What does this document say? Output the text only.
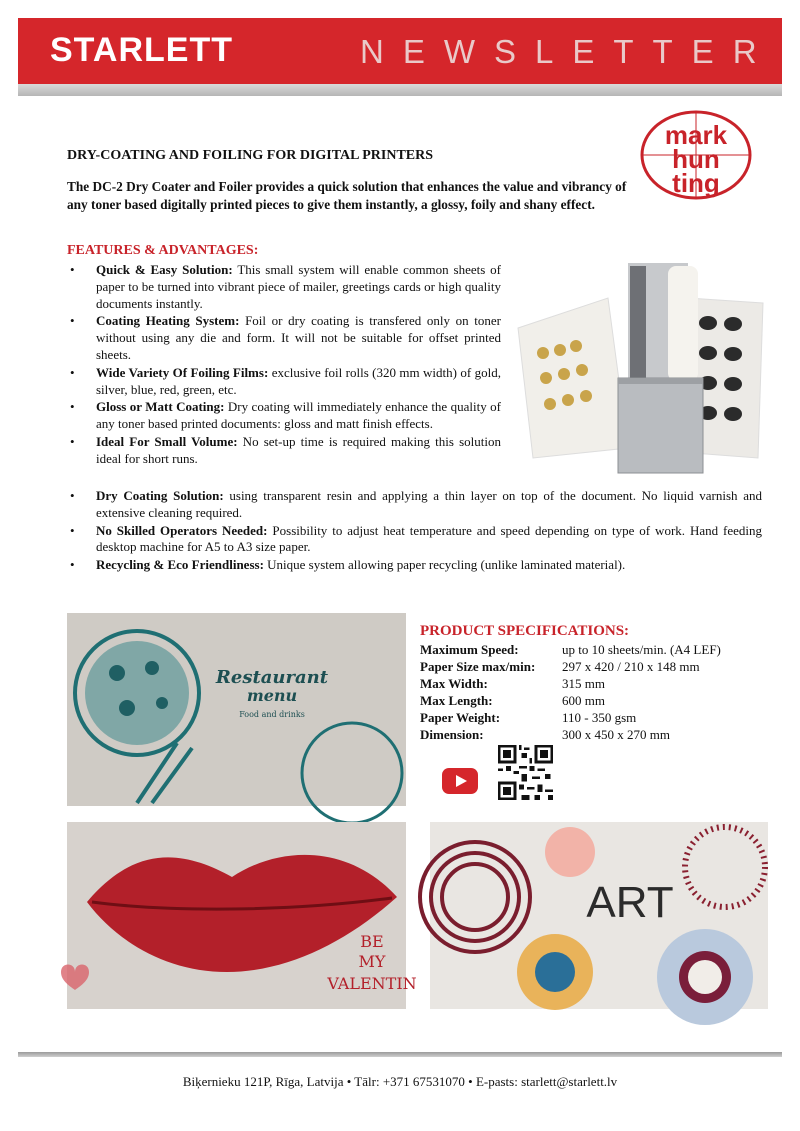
STARLETT	NEWSLETTER
mark
hun
ting
DRY-COATING AND FOILING FOR DIGITAL PRINTERS
The DC-2 Dry Coater and Foiler provides a quick solution that enhances the value and vibrancy of any toner based digitally printed pieces to give them instantly, a glossy, foily and shany effect.
FEATURES & ADVANTAGES:
• Quick & Easy Solution: This small system will enable common sheets of paper to be turned into vibrant piece of mailer, greetings cards or high quality documents instantly.
• Coating Heating System: Foil or dry coating is transfered only on toner without using any die and form. It will not be suitable for offset printed sheets.
• Wide Variety Of Foiling Films: exclusive foil rolls (320 mm width) of gold, silver, blue, red, green, etc.
• Gloss or Matt Coating: Dry coating will immediately enhance the quality of any toner based printed documents: gloss and matt finish effects.
• Ideal For Small Volume: No set-up time is required making this solution ideal for short runs.
• Dry Coating Solution: using transparent resin and applying a thin layer on top of the document. No liquid varnish and extensive cleaning required.
• No Skilled Operators Needed: Possibility to adjust heat temperature and speed depending on type of work. Hand feeding desktop machine for A5 to A3 size paper.
• Recycling & Eco Friendliness: Unique system allowing paper recycling (unlike laminated material).
Restaurant
menu
Food and drinks
BE
MY
VALENTIN
ART
PRODUCT SPECIFICATIONS:
Maximum Speed:	up to 10 sheets/min. (A4 LEF)
Paper Size max/min:	297 x 420 / 210 x 148 mm
Max Width:	315 mm
Max Length:	600 mm
Paper Weight:	110 - 350 gsm
Dimension:	300 x 450 x 270 mm
Biķernieku 121P, Rīga, Latvija • Tālr: +371 67531070 • E-pasts: starlett@starlett.lv
